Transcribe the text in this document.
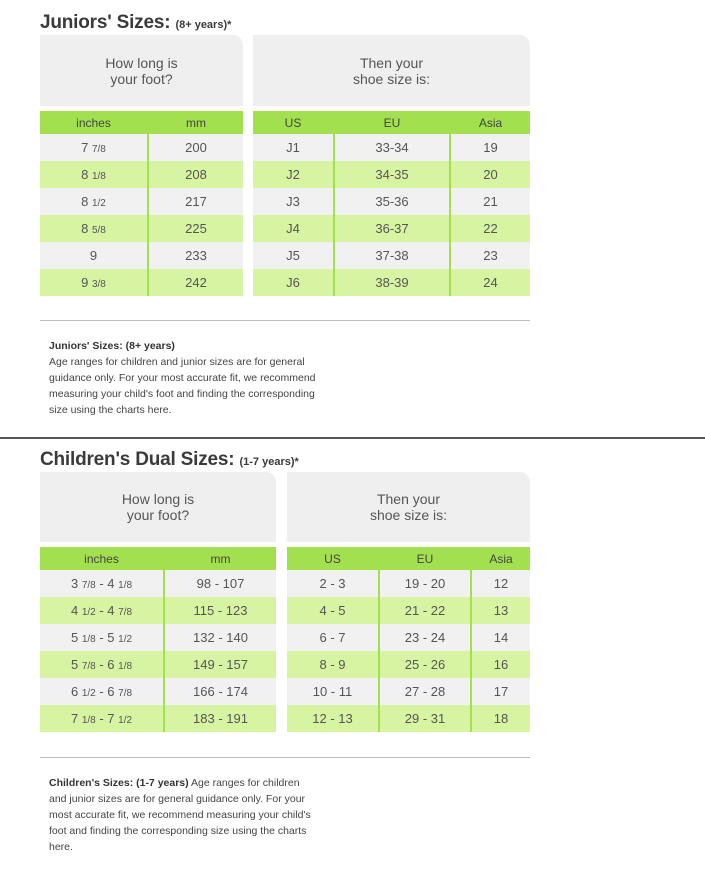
Juniors' Sizes: (8+ years)*
How long is
your foot?
Then your
shoe size is:
inches	mm
7 7/8	200
8 1/8	208
8 1/2	217
8 5/8	225
9	233
9 3/8	242
US	EU	Asia
J1	33-34	19
J2	34-35	20
J3	35-36	21
J4	36-37	22
J5	37-38	23
J6	38-39	24
Juniors' Sizes: (8+ years)
Age ranges for children and junior sizes are for general
guidance only. For your most accurate fit, we recommend
measuring your child's foot and finding the corresponding
size using the charts here.
Children's Dual Sizes: (1-7 years)*
How long is
your foot?
Then your
shoe size is:
inches	mm
3 7/8 - 4 1/8	98 - 107
4 1/2 - 4 7/8	115 - 123
5 1/8 - 5 1/2	132 - 140
5 7/8 - 6 1/8	149 - 157
6 1/2 - 6 7/8	166 - 174
7 1/8 - 7 1/2	183 - 191
US	EU	Asia
2 - 3	19 - 20	12
4 - 5	21 - 22	13
6 - 7	23 - 24	14
8 - 9	25 - 26	16
10 - 11	27 - 28	17
12 - 13	29 - 31	18
Children's Sizes: (1-7 years) Age ranges for children
and junior sizes are for general guidance only. For your
most accurate fit, we recommend measuring your child's
foot and finding the corresponding size using the charts
here.
